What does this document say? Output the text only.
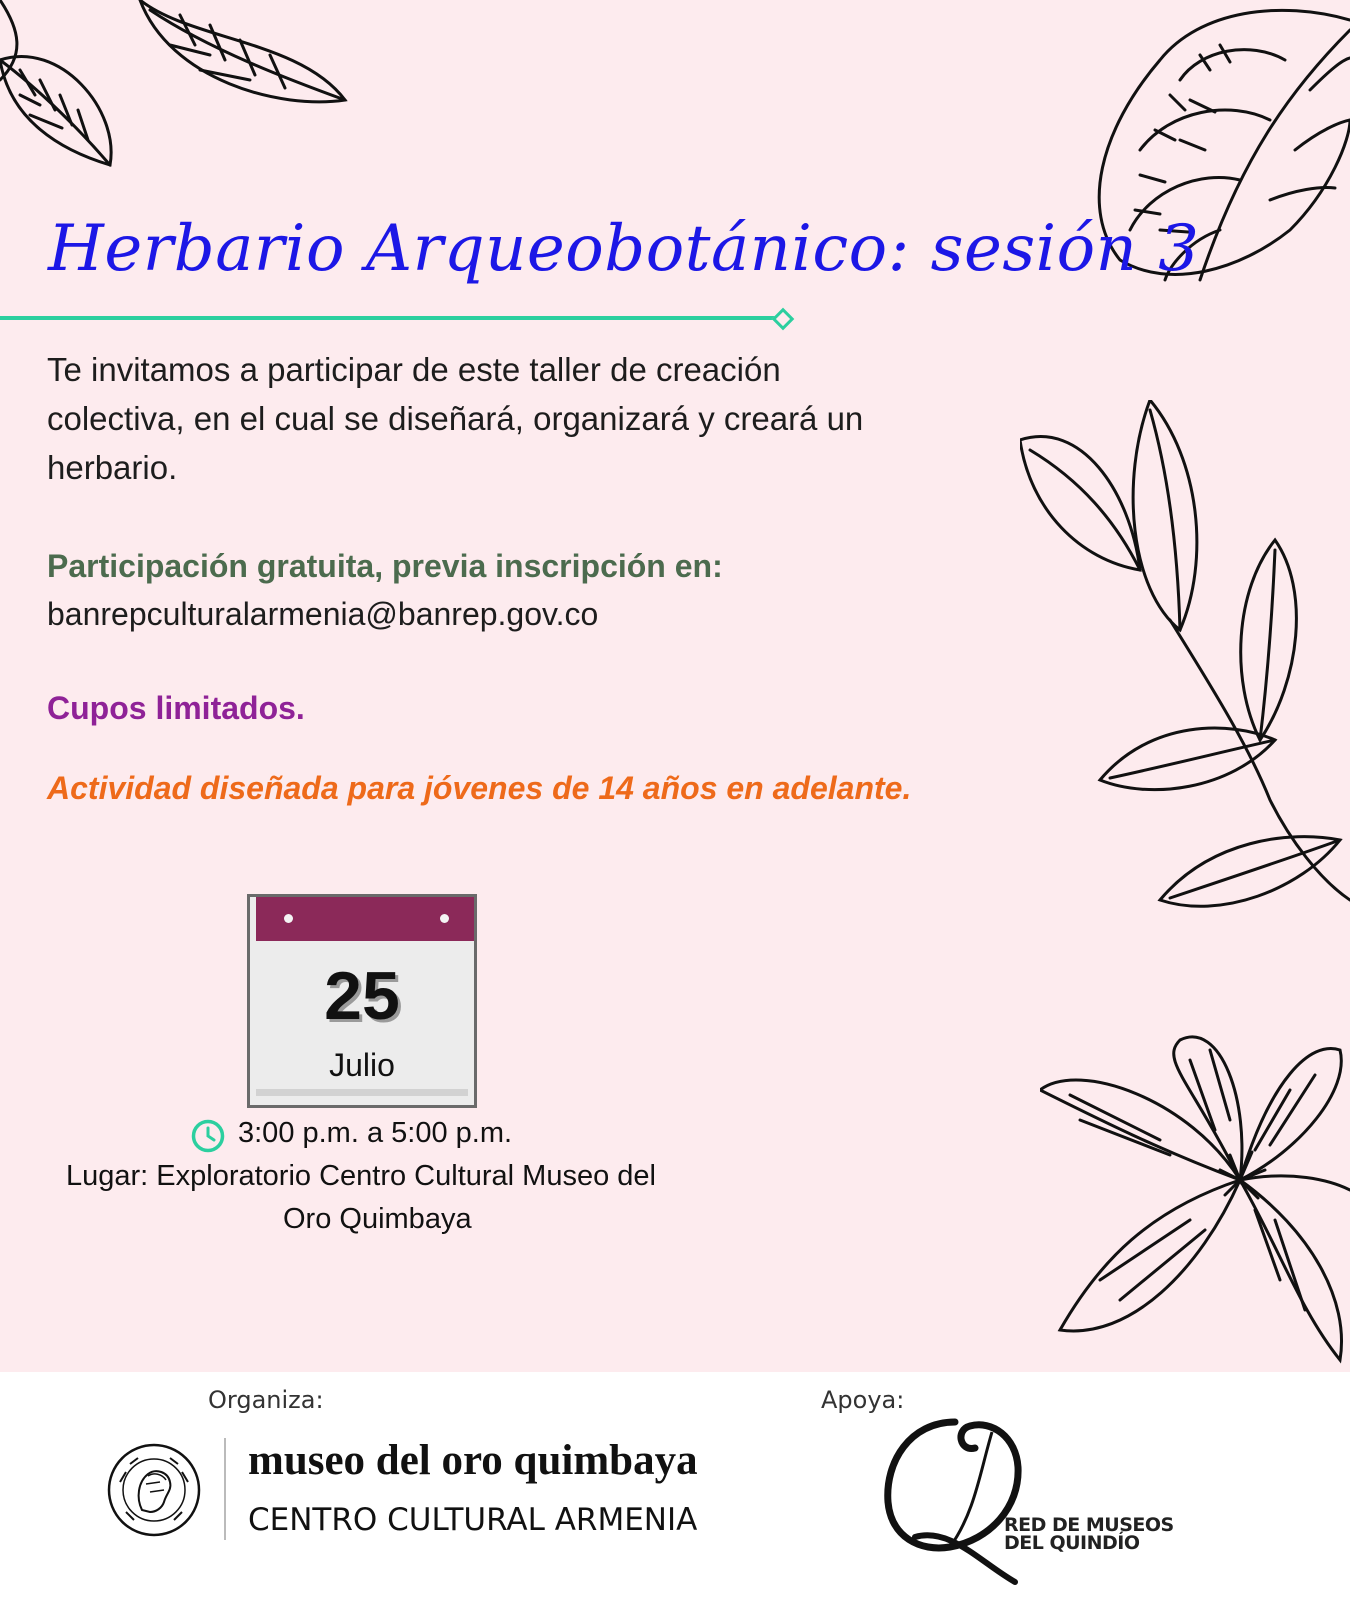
Herbario Arqueobotánico: sesión 3

Te invitamos a participar de este taller de creación
colectiva, en el cual se diseñará, organizará y creará un
herbario.

Participación gratuita, previa inscripción en:

banrepculturalarmenia@banrep.gov.co

Cupos limitados.

Actividad diseñada para jóvenes de 14 años en adelante.

25
Julio

3:00 p.m. a 5:00 p.m.

Lugar: Exploratorio Centro Cultural Museo del

Oro Quimbaya

Organiza:
museo del oro quimbaya
CENTRO CULTURAL ARMENIA
Apoya:
RED DE MUSEOS
DEL QUINDÍO
